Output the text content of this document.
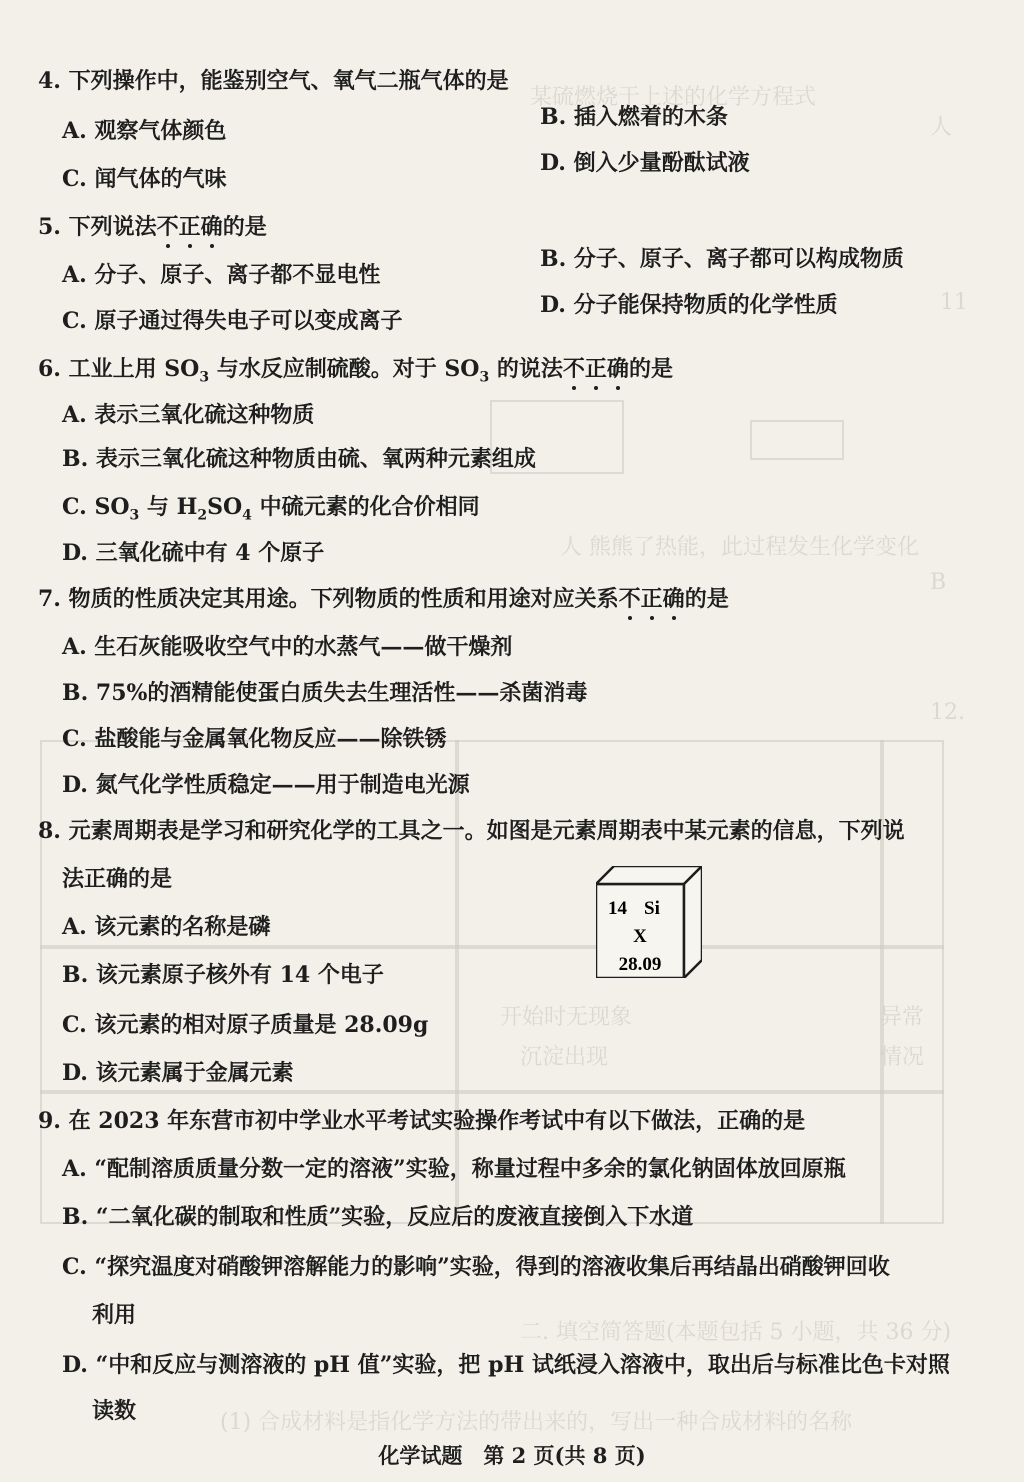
某硫燃烧于上述的化学方程式
人
11
人 熊熊了热能，此过程发生化学变化
B
12.
开始时无现象
沉淀出现
异常
情况
二. 填空简答题(本题包括 5 小题，共 36 分)
(1) 合成材料是指化学方法的带出来的，写出一种合成材料的名称
4. 下列操作中，能鉴别空气、氧气二瓶气体的是
A. 观察气体颜色
B. 插入燃着的木条
C. 闻气体的气味
D. 倒入少量酚酞试液
5. 下列说法不正确的是
A. 分子、原子、离子都不显电性
B. 分子、原子、离子都可以构成物质
C. 原子通过得失电子可以变成离子
D. 分子能保持物质的化学性质
6. 工业上用 $SO_3$ 与水反应制硫酸。对于 $SO_3$ 的说法不正确的是
A. 表示三氧化硫这种物质
B. 表示三氧化硫这种物质由硫、氧两种元素组成
C. $SO_3$ 与 $H_2SO_4$ 中硫元素的化合价相同
D. 三氧化硫中有 4 个原子
7. 物质的性质决定其用途。下列物质的性质和用途对应关系不正确的是
A. 生石灰能吸收空气中的水蒸气——做干燥剂
B. 75%的酒精能使蛋白质失去生理活性——杀菌消毒
C. 盐酸能与金属氧化物反应——除铁锈
D. 氮气化学性质稳定——用于制造电光源
8. 元素周期表是学习和研究化学的工具之一。如图是元素周期表中某元素的信息，下列说
法正确的是
A. 该元素的名称是磷
B. 该元素原子核外有 14 个电子
C. 该元素的相对原子质量是 28.09g
D. 该元素属于金属元素
14 Si
X
28.09
9. 在 2023 年东营市初中学业水平考试实验操作考试中有以下做法，正确的是
A. “配制溶质质量分数一定的溶液”实验，称量过程中多余的氯化钠固体放回原瓶
B. “二氧化碳的制取和性质”实验，反应后的废液直接倒入下水道
C. “探究温度对硝酸钾溶解能力的影响”实验，得到的溶液收集后再结晶出硝酸钾回收
利用
D. “中和反应与测溶液的 pH 值”实验，把 pH 试纸浸入溶液中，取出后与标准比色卡对照
读数
化学试题　第 2 页(共 8 页)
